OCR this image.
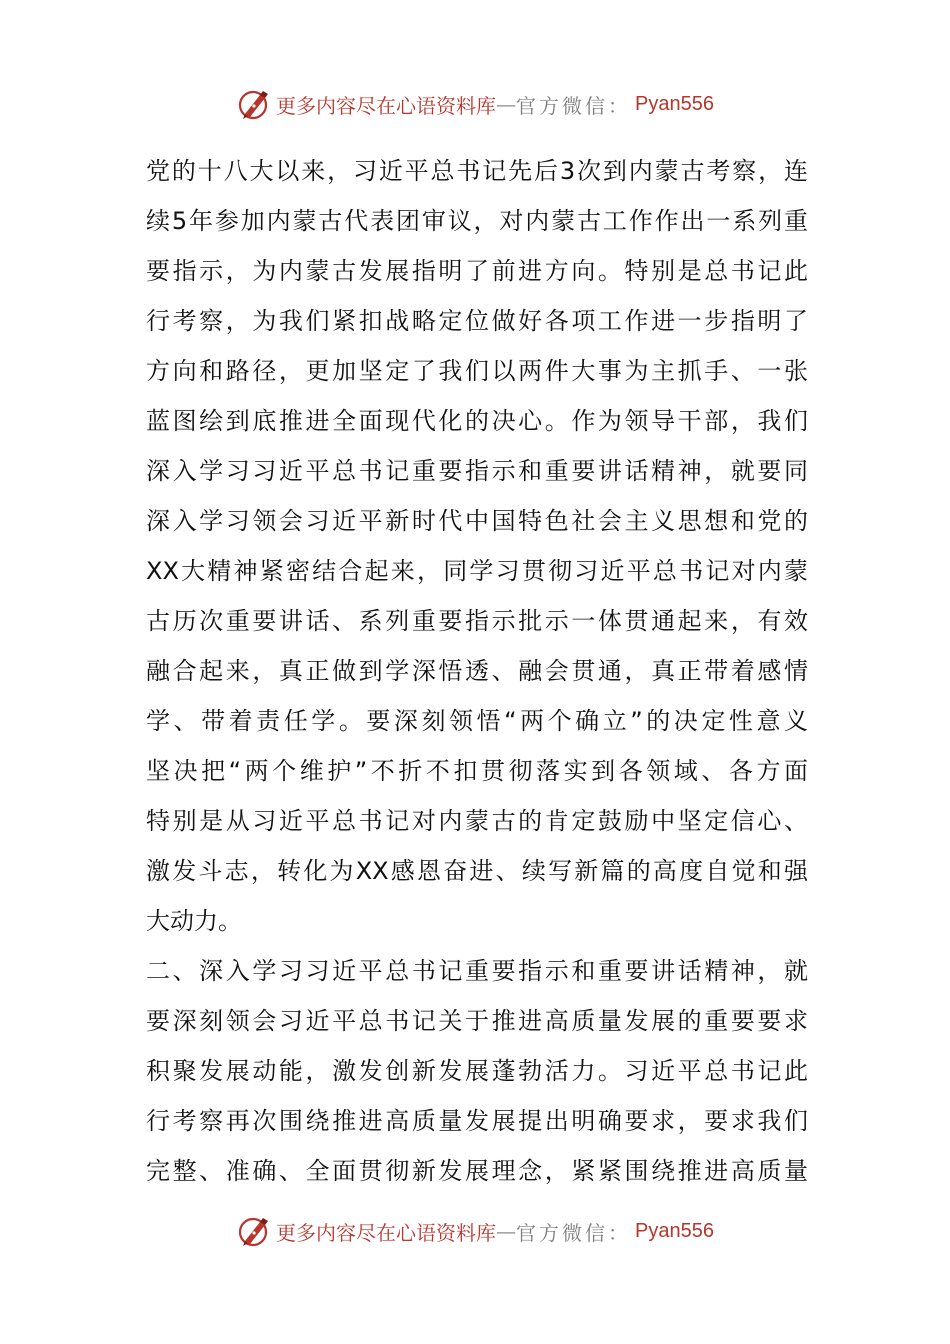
更多内容尽在心语资料库 — 官方微信： Pyan556
党的十八大以来，习近平总书记先后3次到内蒙古考察，连
续5年参加内蒙古代表团审议，对内蒙古工作作出一系列重
要指示，为内蒙古发展指明了前进方向。特别是总书记此
行考察，为我们紧扣战略定位做好各项工作进一步指明了
方向和路径，更加坚定了我们以两件大事为主抓手、一张
蓝图绘到底推进全面现代化的决心。作为领导干部，我们
深入学习习近平总书记重要指示和重要讲话精神，就要同
深入学习领会习近平新时代中国特色社会主义思想和党的
XX大精神紧密结合起来，同学习贯彻习近平总书记对内蒙
古历次重要讲话、系列重要指示批示一体贯通起来，有效
融合起来，真正做到学深悟透、融会贯通，真正带着感情
学、带着责任学。要深刻领悟“两个确立”的决定性意义
坚决把“两个维护”不折不扣贯彻落实到各领域、各方面
特别是从习近平总书记对内蒙古的肯定鼓励中坚定信心、
激发斗志，转化为XX感恩奋进、续写新篇的高度自觉和强
大动力。
二、深入学习习近平总书记重要指示和重要讲话精神，就
要深刻领会习近平总书记关于推进高质量发展的重要要求
积聚发展动能，激发创新发展蓬勃活力。习近平总书记此
行考察再次围绕推进高质量发展提出明确要求，要求我们
完整、准确、全面贯彻新发展理念，紧紧围绕推进高质量
更多内容尽在心语资料库 — 官方微信： Pyan556
